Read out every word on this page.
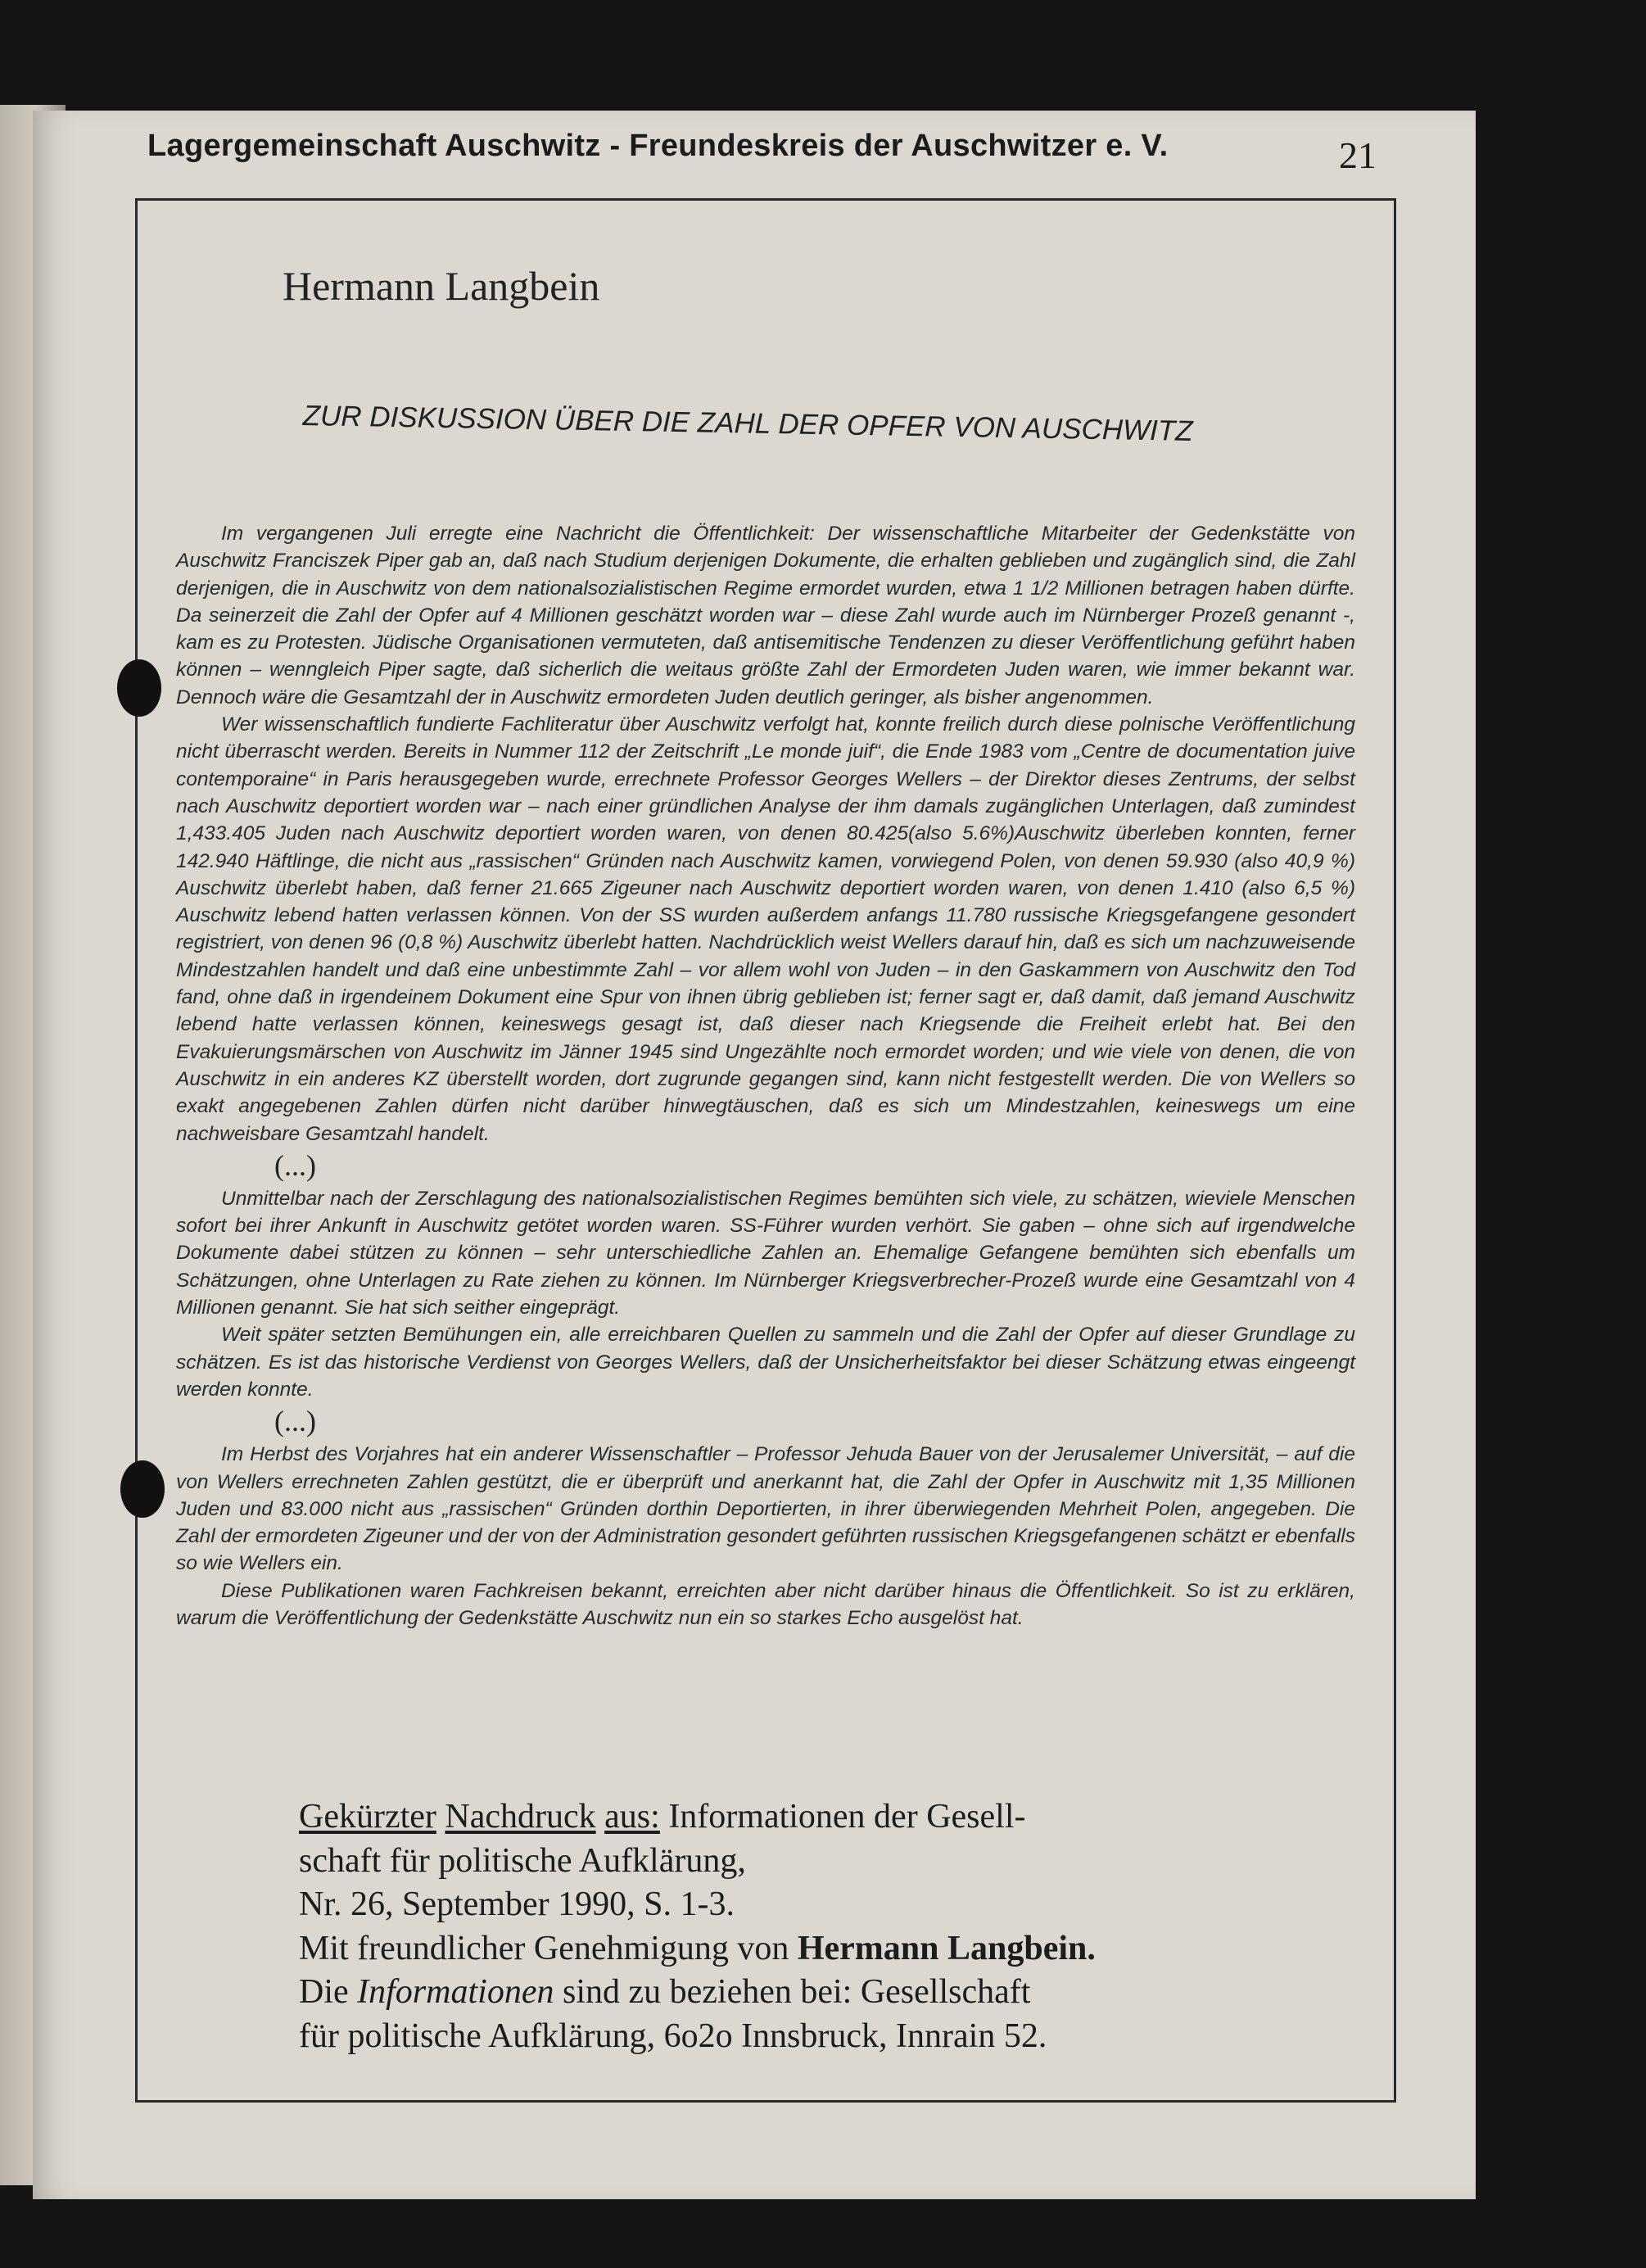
Lagergemeinschaft Auschwitz - Freundeskreis der Auschwitzer e. V.	21
Hermann Langbein
ZUR DISKUSSION ÜBER DIE ZAHL DER OPFER VON AUSCHWITZ

Im vergangenen Juli erregte eine Nachricht die Öffentlichkeit: Der wissenschaftliche Mitarbeiter der Gedenkstätte von Auschwitz Franciszek Piper gab an, daß nach Studium derjenigen Dokumente, die erhalten geblieben und zugänglich sind, die Zahl derjenigen, die in Auschwitz von dem nationalsozialistischen Regime ermordet wurden, etwa 1 1/2 Millionen betragen haben dürfte. Da seinerzeit die Zahl der Opfer auf 4 Millionen geschätzt worden war – diese Zahl wurde auch im Nürnberger Prozeß genannt -, kam es zu Protesten. Jüdische Organisationen vermuteten, daß antisemitische Tendenzen zu dieser Veröffentlichung geführt haben können – wenngleich Piper sagte, daß sicherlich die weitaus größte Zahl der Ermordeten Juden waren, wie immer bekannt war. Dennoch wäre die Gesamtzahl der in Auschwitz ermordeten Juden deutlich geringer, als bisher angenommen.

Wer wissenschaftlich fundierte Fachliteratur über Auschwitz verfolgt hat, konnte freilich durch diese polnische Veröffentlichung nicht überrascht werden. Bereits in Nummer 112 der Zeitschrift „Le monde juif“, die Ende 1983 vom „Centre de documentation juive contemporaine“ in Paris herausgegeben wurde, errechnete Professor Georges Wellers – der Direktor dieses Zentrums, der selbst nach Auschwitz deportiert worden war – nach einer gründlichen Analyse der ihm damals zugänglichen Unterlagen, daß zumindest 1,433.405 Juden nach Auschwitz deportiert worden waren, von denen 80.425(also 5.6%)Auschwitz überleben konnten, ferner 142.940 Häftlinge, die nicht aus „rassischen“ Gründen nach Auschwitz kamen, vorwiegend Polen, von denen 59.930 (also 40,9 %) Auschwitz überlebt haben, daß ferner 21.665 Zigeuner nach Auschwitz deportiert worden waren, von denen 1.410 (also 6,5 %) Auschwitz lebend hatten verlassen können. Von der SS wurden außerdem anfangs 11.780 russische Kriegsgefangene gesondert registriert, von denen 96 (0,8 %) Auschwitz überlebt hatten. Nachdrücklich weist Wellers darauf hin, daß es sich um nachzuweisende Mindestzahlen handelt und daß eine unbestimmte Zahl – vor allem wohl von Juden – in den Gaskammern von Auschwitz den Tod fand, ohne daß in irgendeinem Dokument eine Spur von ihnen übrig geblieben ist; ferner sagt er, daß damit, daß jemand Auschwitz lebend hatte verlassen können, keineswegs gesagt ist, daß dieser nach Kriegsende die Freiheit erlebt hat. Bei den Evakuierungsmärschen von Auschwitz im Jänner 1945 sind Ungezählte noch ermordet worden; und wie viele von denen, die von Auschwitz in ein anderes KZ überstellt worden, dort zugrunde gegangen sind, kann nicht festgestellt werden. Die von Wellers so exakt angegebenen Zahlen dürfen nicht darüber hinwegtäuschen, daß es sich um Mindestzahlen, keineswegs um eine nachweisbare Gesamtzahl handelt.

(...)

Unmittelbar nach der Zerschlagung des nationalsozialistischen Regimes bemühten sich viele, zu schätzen, wieviele Menschen sofort bei ihrer Ankunft in Auschwitz getötet worden waren. SS-Führer wurden verhört. Sie gaben – ohne sich auf irgendwelche Dokumente dabei stützen zu können – sehr unterschiedliche Zahlen an. Ehemalige Gefangene bemühten sich ebenfalls um Schätzungen, ohne Unterlagen zu Rate ziehen zu können. Im Nürnberger Kriegsverbrecher-Prozeß wurde eine Gesamtzahl von 4 Millionen genannt. Sie hat sich seither eingeprägt.

Weit später setzten Bemühungen ein, alle erreichbaren Quellen zu sammeln und die Zahl der Opfer auf dieser Grundlage zu schätzen. Es ist das historische Verdienst von Georges Wellers, daß der Unsicherheitsfaktor bei dieser Schätzung etwas eingeengt werden konnte.

(...)

Im Herbst des Vorjahres hat ein anderer Wissenschaftler – Professor Jehuda Bauer von der Jerusalemer Universität, – auf die von Wellers errechneten Zahlen gestützt, die er überprüft und anerkannt hat, die Zahl der Opfer in Auschwitz mit 1,35 Millionen Juden und 83.000 nicht aus „rassischen“ Gründen dorthin Deportierten, in ihrer überwiegenden Mehrheit Polen, angegeben. Die Zahl der ermordeten Zigeuner und der von der Administration gesondert geführten russischen Kriegsgefangenen schätzt er ebenfalls so wie Wellers ein.

Diese Publikationen waren Fachkreisen bekannt, erreichten aber nicht darüber hinaus die Öffentlichkeit. So ist zu erklären, warum die Veröffentlichung der Gedenkstätte Auschwitz nun ein so starkes Echo ausgelöst hat.

Gekürzter Nachdruck aus: Informationen der Gesell-
schaft für politische Aufklärung,
Nr. 26, September 1990, S. 1-3.
Mit freundlicher Genehmigung von Hermann Langbein.
Die Informationen sind zu beziehen bei: Gesellschaft
für politische Aufklärung, 6o2o Innsbruck, Innrain 52.
